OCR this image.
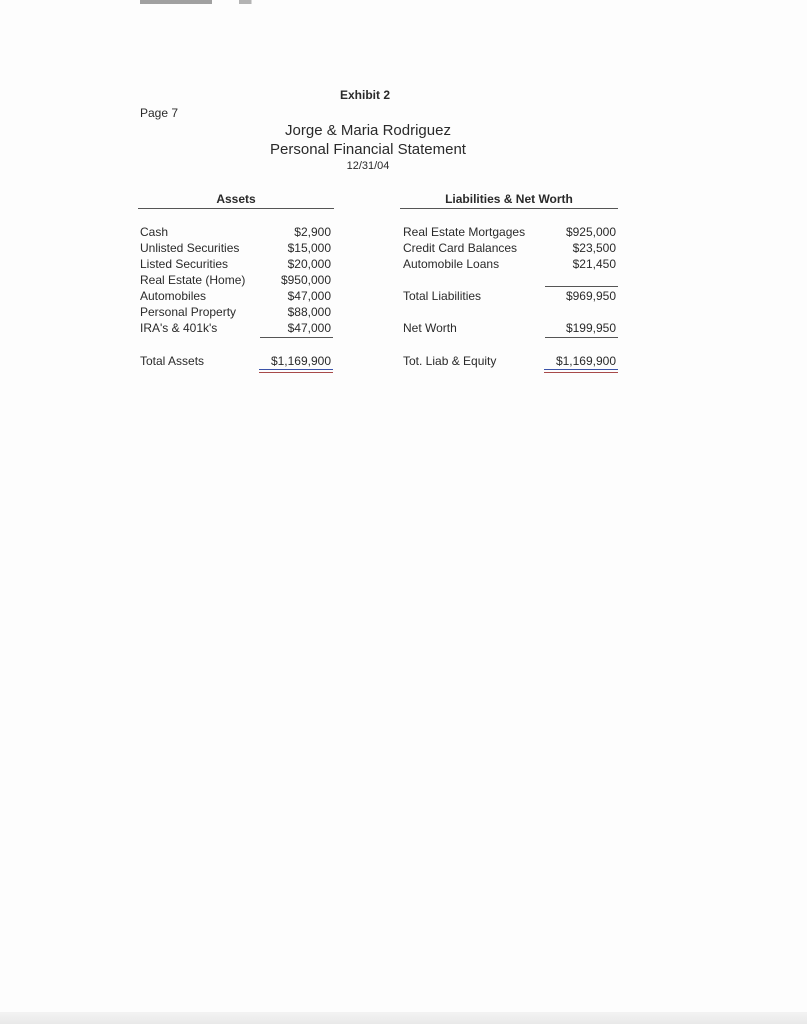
Exhibit 2
Page 7
Jorge & Maria Rodriguez
Personal Financial Statement
12/31/04
Assets
Cash	$2,900
Unlisted Securities	$15,000
Listed Securities	$20,000
Real Estate (Home)	$950,000
Automobiles	$47,000
Personal Property	$88,000
IRA's & 401k's	$47,000
Total Assets	$1,169,900
Liabilities & Net Worth
Real Estate Mortgages	$925,000
Credit Card Balances	$23,500
Automobile Loans	$21,450
Total Liabilities	$969,950
Net Worth	$199,950
Tot. Liab & Equity	$1,169,900
